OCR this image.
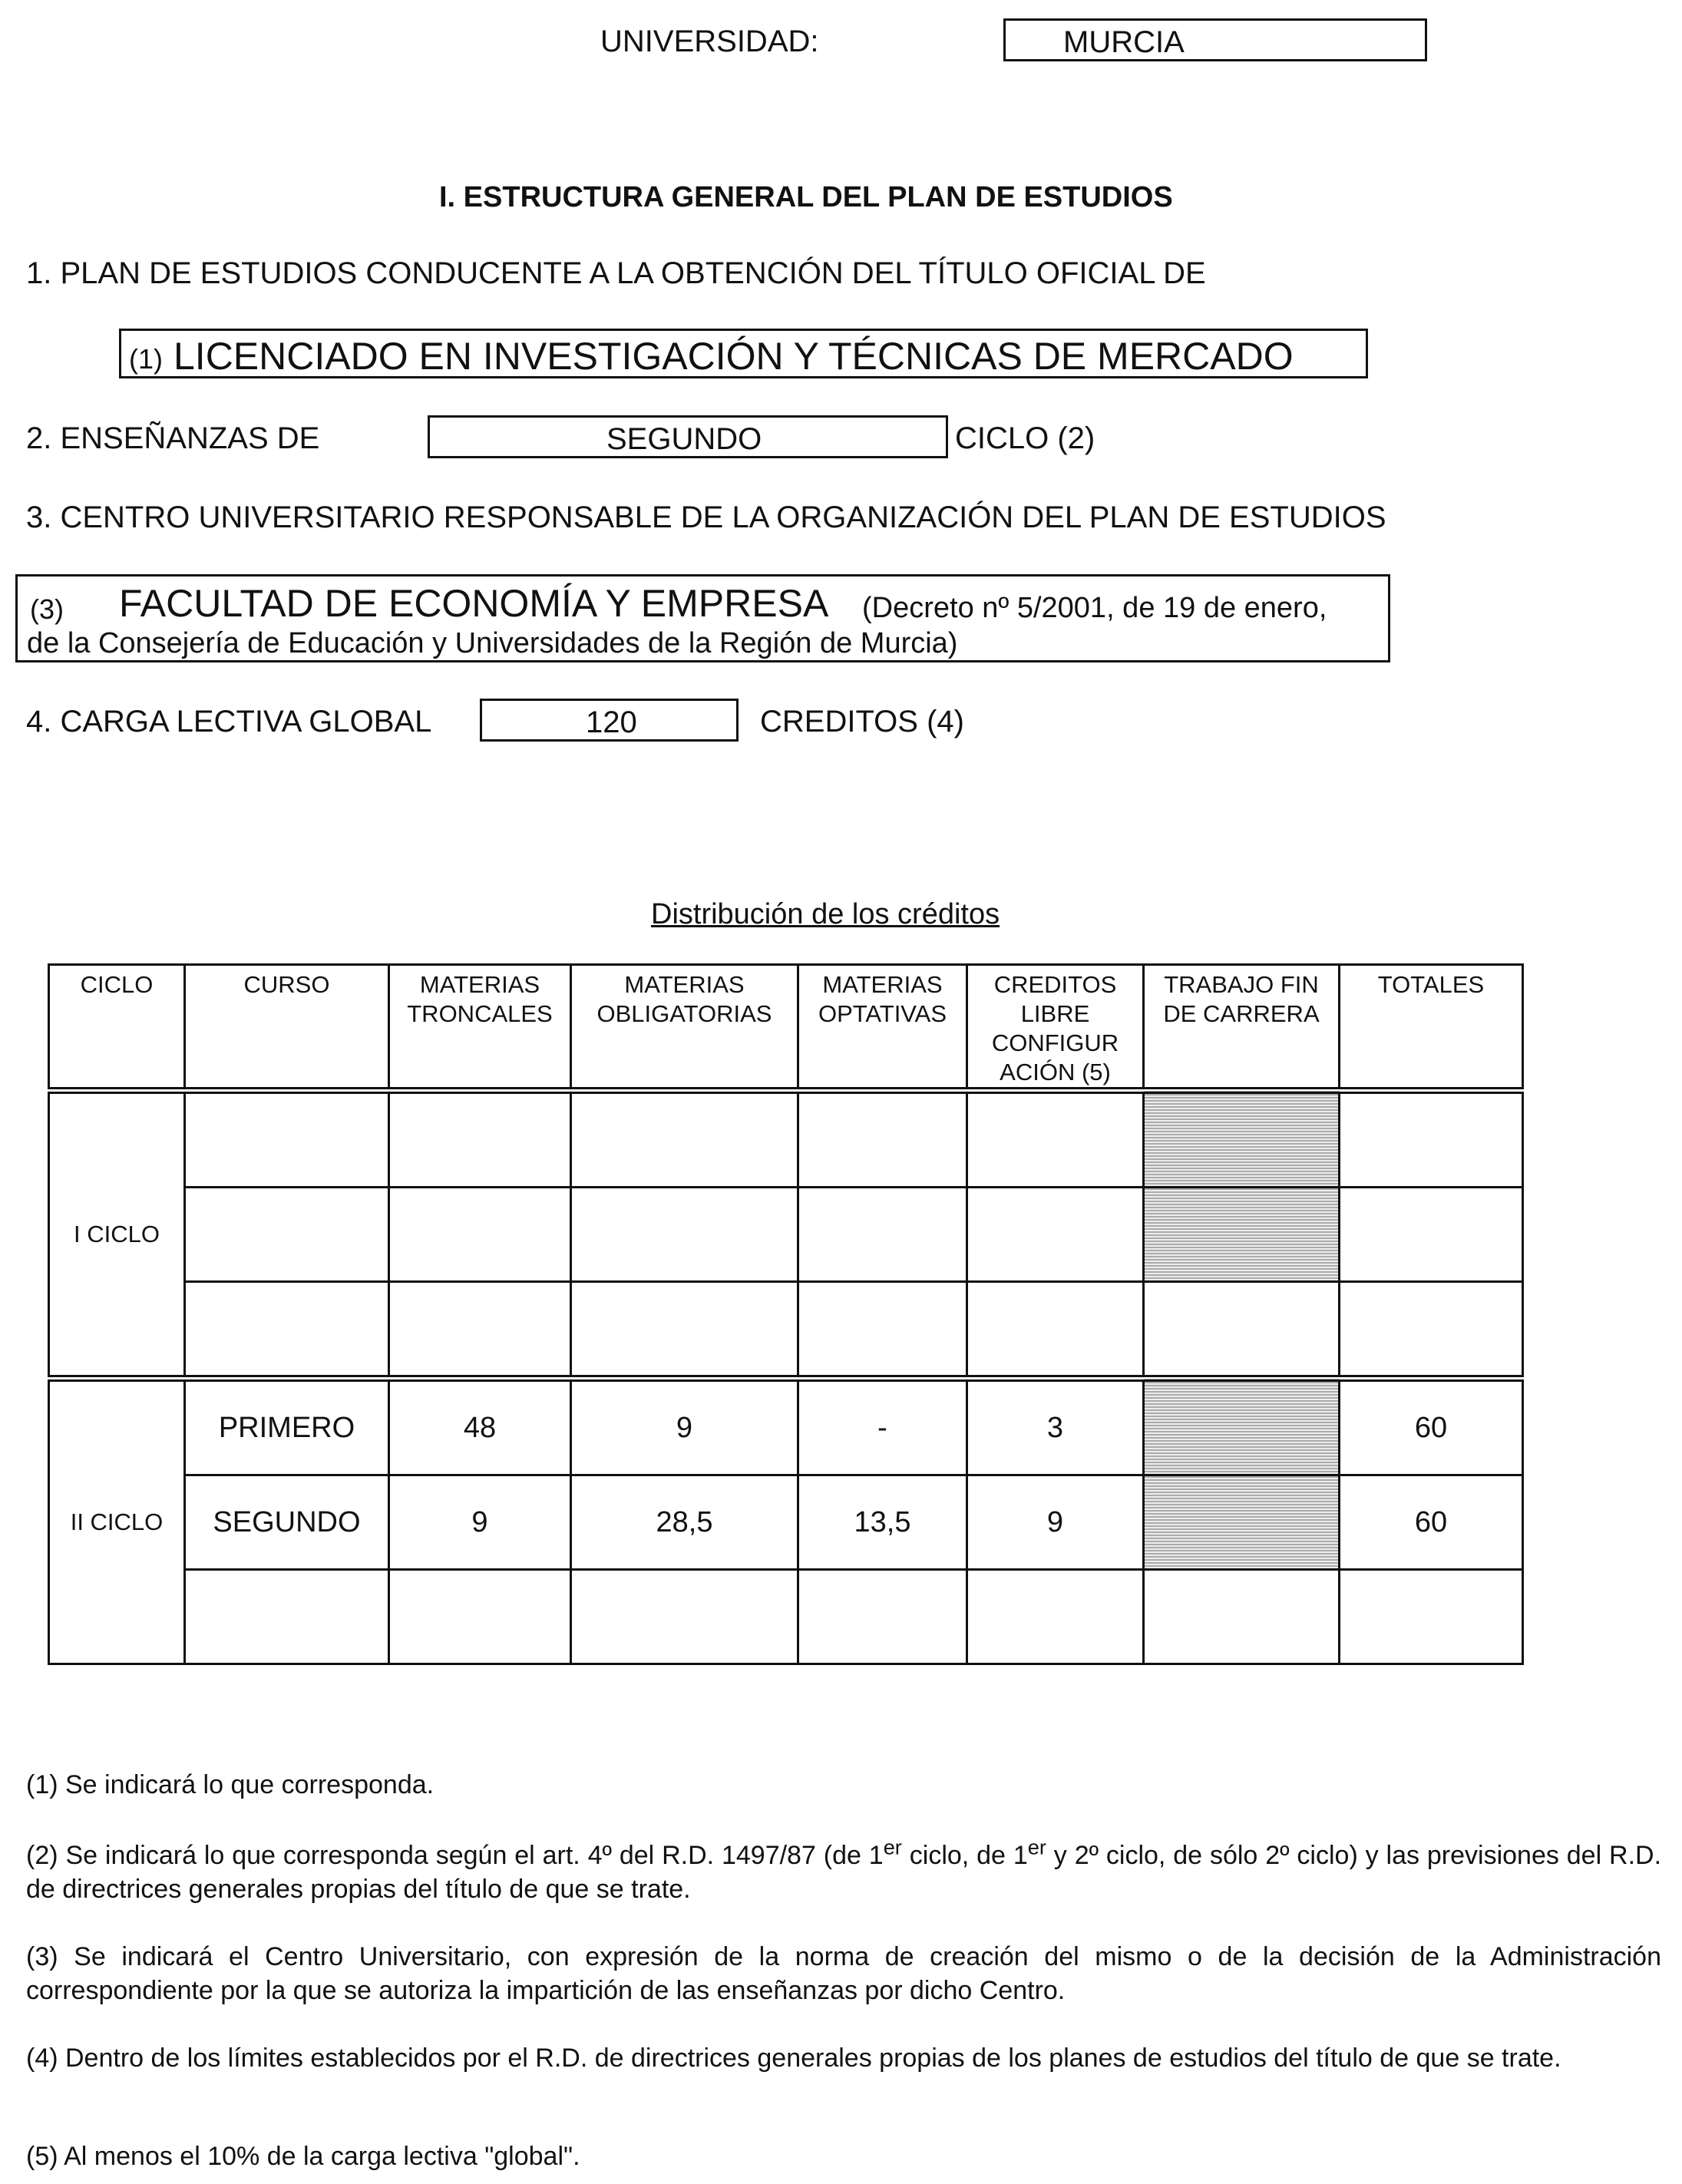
UNIVERSIDAD:	MURCIA
I. ESTRUCTURA GENERAL DEL PLAN DE ESTUDIOS
1. PLAN DE ESTUDIOS CONDUCENTE A LA OBTENCIÓN DEL TÍTULO OFICIAL DE
(1) LICENCIADO EN INVESTIGACIÓN Y TÉCNICAS DE MERCADO
2. ENSEÑANZAS DE	SEGUNDO	CICLO (2)
3. CENTRO UNIVERSITARIO RESPONSABLE DE LA ORGANIZACIÓN DEL PLAN DE ESTUDIOS
(3) FACULTAD DE ECONOMÍA Y EMPRESA (Decreto nº 5/2001, de 19 de enero,
de la Consejería de Educación y Universidades de la Región de Murcia)
4. CARGA LECTIVA GLOBAL	120	CREDITOS (4)
Distribución de los créditos
CICLO	CURSO	MATERIAS TRONCALES	MATERIAS OBLIGATORIAS	MATERIAS OPTATIVAS	CREDITOS LIBRE CONFIGUR ACIÓN (5)	TRABAJO FIN DE CARRERA	TOTALES
I CICLO							

II CICLO	PRIMERO	48	9	-	3		60
	SEGUNDO	9	28,5	13,5	9		60

(1) Se indicará lo que corresponda.
(2) Se indicará lo que corresponda según el art. 4º del R.D. 1497/87 (de 1er ciclo, de 1er y 2º ciclo, de sólo 2º ciclo) y las previsiones del R.D. de directrices generales propias del título de que se trate.
(3) Se indicará el Centro Universitario, con expresión de la norma de creación del mismo o de la decisión de la Administración correspondiente por la que se autoriza la impartición de las enseñanzas por dicho Centro.
(4) Dentro de los límites establecidos por el R.D. de directrices generales propias de los planes de estudios del título de que se trate.
(5) Al menos el 10% de la carga lectiva "global".
